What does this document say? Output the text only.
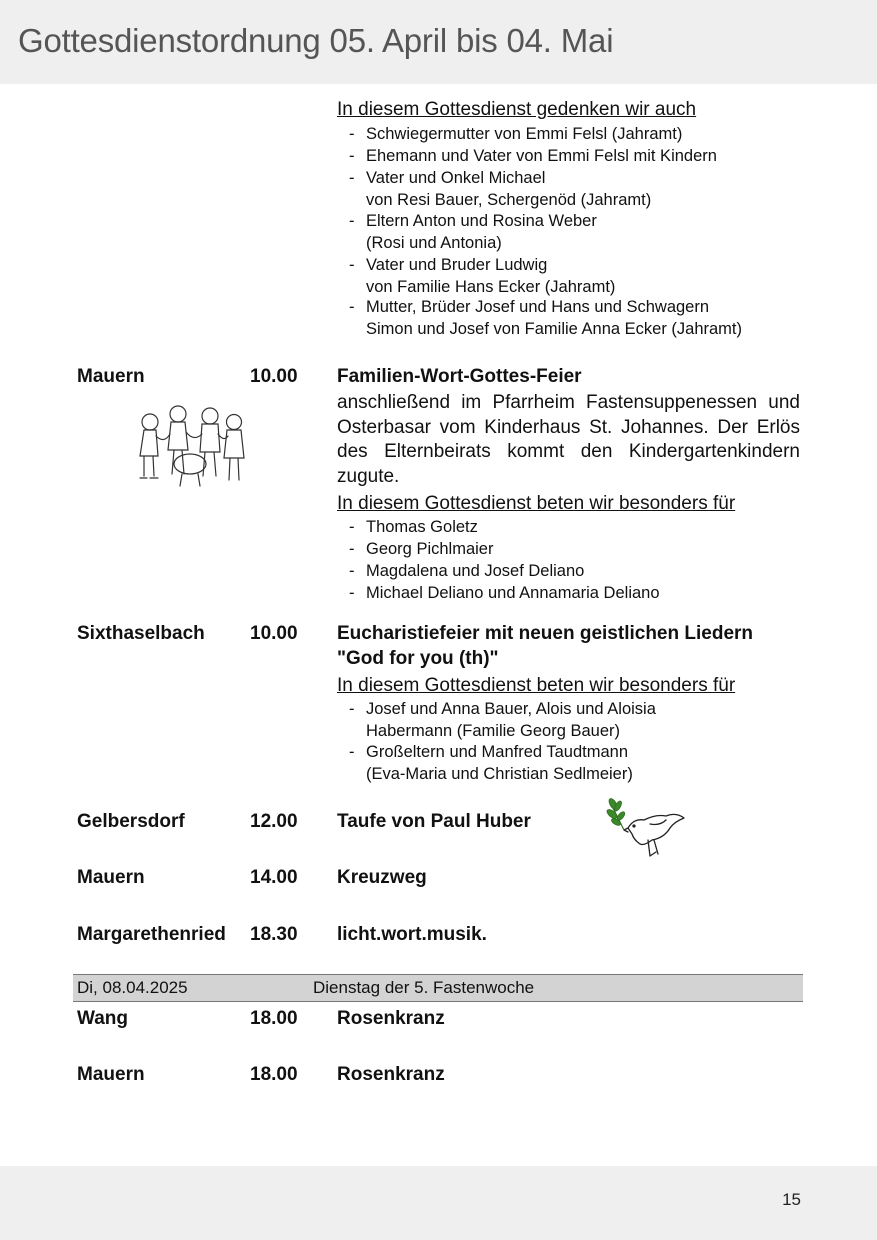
Gottesdienstordnung 05. April bis 04. Mai
In diesem Gottesdienst gedenken wir auch
- Schwiegermutter von Emmi Felsl (Jahramt)
- Ehemann und Vater von Emmi Felsl mit Kindern
- Vater und Onkel Michael
von Resi Bauer, Schergenöd (Jahramt)
- Eltern Anton und Rosina Weber
(Rosi und Antonia)
- Vater und Bruder Ludwig
von Familie Hans Ecker (Jahramt)
- Mutter, Brüder Josef und Hans und Schwagern
Simon und Josef von Familie Anna Ecker (Jahramt)
Mauern	10.00 Familien-Wort-Gottes-Feier
anschließend im Pfarrheim Fastensuppenessen und Osterbasar vom Kinderhaus St. Johannes. Der Erlös des Elternbeirats kommt den Kindergartenkindern zugute.
In diesem Gottesdienst beten wir besonders für
- Thomas Goletz
- Georg Pichlmaier
- Magdalena und Josef Deliano
- Michael Deliano und Annamaria Deliano
Sixthaselbach 10.00 Eucharistiefeier mit neuen geistlichen Liedern
"God for you (th)"
In diesem Gottesdienst beten wir besonders für
- Josef und Anna Bauer, Alois und Aloisia
Habermann (Familie Georg Bauer)
- Großeltern und Manfred Taudtmann
(Eva-Maria und Christian Sedlmeier)
Gelbersdorf	12.00 Taufe von Paul Huber
Mauern	14.00 Kreuzweg
Margarethenried 18.30 licht.wort.musik.
Di, 08.04.2025	Dienstag der 5. Fastenwoche
Wang	18.00 Rosenkranz
Mauern	18.00 Rosenkranz
15
